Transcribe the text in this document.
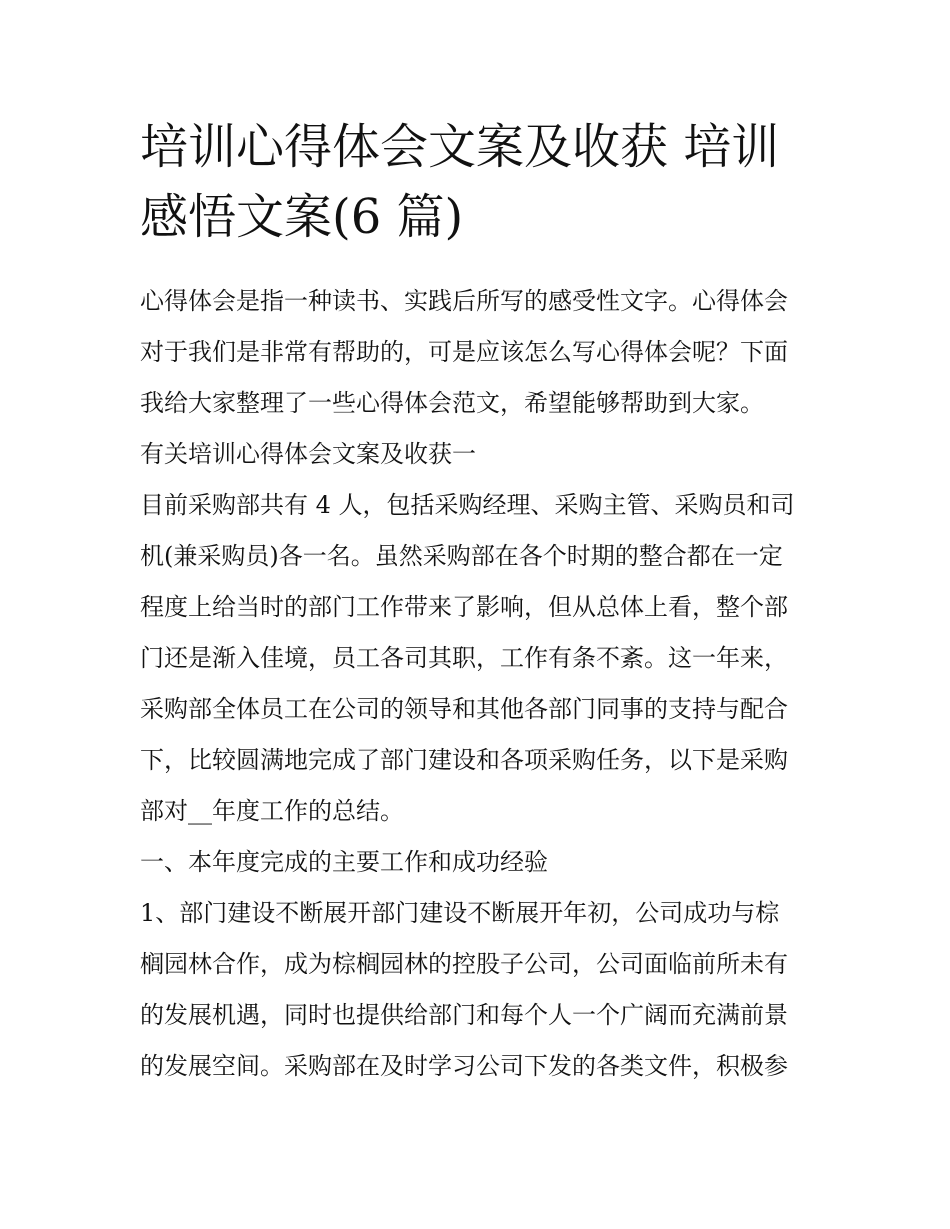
培训心得体会文案及收获 培训
感悟文案(6 篇)
心得体会是指一种读书、实践后所写的感受性文字。心得体会
对于我们是非常有帮助的，可是应该怎么写心得体会呢？下面
我给大家整理了一些心得体会范文，希望能够帮助到大家。
有关培训心得体会文案及收获一
目前采购部共有 4 人，包括采购经理、采购主管、采购员和司
机(兼采购员)各一名。虽然采购部在各个时期的整合都在一定
程度上给当时的部门工作带来了影响，但从总体上看，整个部
门还是渐入佳境，员工各司其职，工作有条不紊。这一年来，
采购部全体员工在公司的领导和其他各部门同事的支持与配合
下，比较圆满地完成了部门建设和各项采购任务，以下是采购
部对__年度工作的总结。
一、本年度完成的主要工作和成功经验
1、部门建设不断展开部门建设不断展开年初，公司成功与棕
榈园林合作，成为棕榈园林的控股子公司，公司面临前所未有
的发展机遇，同时也提供给部门和每个人一个广阔而充满前景
的发展空间。采购部在及时学习公司下发的各类文件，积极参
